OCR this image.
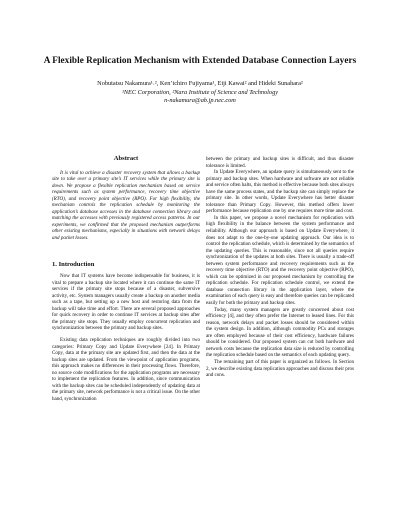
A Flexible Replication Mechanism with Extended Database Connection Layers
Nobutatsu Nakamura¹˒², Ken’ichiro Fujiyama¹, Eiji Kawai² and Hideki Sunahara²
¹NEC Corporation, ²Nara Institute of Science and Technology
n-nakamura@ab.jp.nec.com
Abstract

It is vital to achieve a disaster recovery system that allows a backup site to take over a primary site’s IT services while the primary site is down. We propose a flexible replication mechanism based on service requirements such as system performance, recovery time objective (RTO), and recovery point objective (RPO). For high flexibility, the mechanism controls the replication schedule by monitoring the application’s database accesses in the database connection library and matching the accesses with previously registered access patterns. In our experiments, we confirmed that the proposed mechanism outperforms other existing mechanisms, especially in situations with network delays and packet losses.

1. Introduction

Now that IT systems have become indispensable for business, it is vital to prepare a backup site located where it can continue the same IT services if the primary site stops because of a disaster, subversive activity, etc. System managers usually create a backup on another media such as a tape, but setting up a new host and restoring data from the backup will take time and effort. There are several proposed approaches for quick recovery in order to continue IT services at backup sites after the primary site stops. They usually employ concurrent replication and synchronization between the primary and backup sites.

Existing data replication techniques are roughly divided into two categories: Primary Copy and Update Everywhere [24]. In Primary Copy, data at the primary site are updated first, and then the data at the backup sites are updated. From the viewpoint of application programs, this approach makes no differences in their processing flows. Therefore, no source code modifications for the application programs are necessary to implement the replication features. In addition, since communication with the backup sites can be scheduled independently of updating data at the primary site, network performance is not a critical issue. On the other hand, synchronization

between the primary and backup sites is difficult, and thus disaster tolerance is limited.

In Update Everywhere, an update query is simultaneously sent to the primary and backup sites. When hardware and software are not reliable and service often halts, this method is effective because both sites always have the same process states, and the backup site can simply replace the primary site. In other words, Update Everywhere has better disaster tolerance than Primary Copy. However, this method offers lower performance because replication one by one requires more time and cost.

In this paper, we propose a novel mechanism for replication with high flexibility in the balance between the system performance and reliability. Although our approach is based on Update Everywhere, it does not adapt to the one-by-one updating approach. Our idea is to control the replication schedule, which is determined by the semantics of the updating queries. This is reasonable, since not all queries require synchronization of the updates at both sites. There is usually a trade-off between system performance and recovery requirements such as the recovery time objective (RTO) and the recovery point objective (RPO), which can be optimized in our proposed mechanism by controlling the replication schedule. For replication schedule control, we extend the database connection library in the application layer, where the examination of each query is easy and therefore queries can be replicated easily for both the primary and backup sites.

Today, many system managers are greatly concerned about cost efficiency [4], and they often prefer the Internet to leased lines. For this reason, network delays and packet losses should be considered within the system design. In addition, although commodity PCs and storages are often employed because of their cost efficiency, hardware failures should be considered. Our proposed system can cut both hardware and network costs because the replication data size is reduced by controlling the replication schedule based on the semantics of each updating query.

The remaining part of this paper is organized as follows. In Section 2, we describe existing data replication approaches and discuss their pros and cons.
